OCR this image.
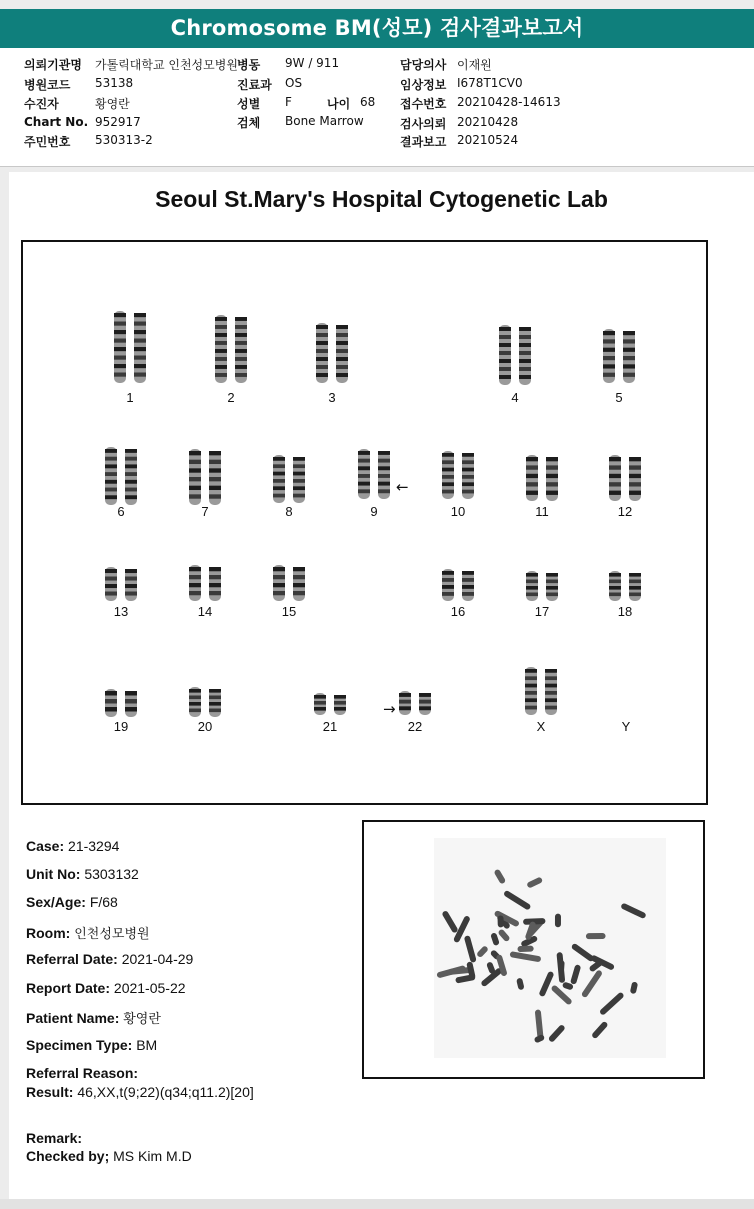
Chromosome BM(성모) 검사결과보고서
의뢰기관명 가톨릭대학교 인천성모병원
병원코드 53138
수진자	황영란
Chart No. 952917
주민번호 530313-2
병동 9W / 911
진료과 OS
성별 F	나이 68
검체 Bone Marrow
담당의사 이재원
임상정보 I678T1CV0
접수번호 20210428-14613
검사의뢰 20210428
결과보고 20210524
Seoul St.Mary's Hospital Cytogenetic Lab
←
→
1	2	3	4	5
6	7	8	9	10	11	12
13	14	15	16	17	18
19	20	21	22	X	Y
Case: 21-3294
Unit No: 5303132
Sex/Age: F/68
Room: 인천성모병원
Referral Date: 2021-04-29
Report Date: 2021-05-22
Patient Name: 황영란
Specimen Type: BM
Referral Reason:
Result: 46,XX,t(9;22)(q34;q11.2)[20]
Remark:
Checked by; MS Kim M.D
